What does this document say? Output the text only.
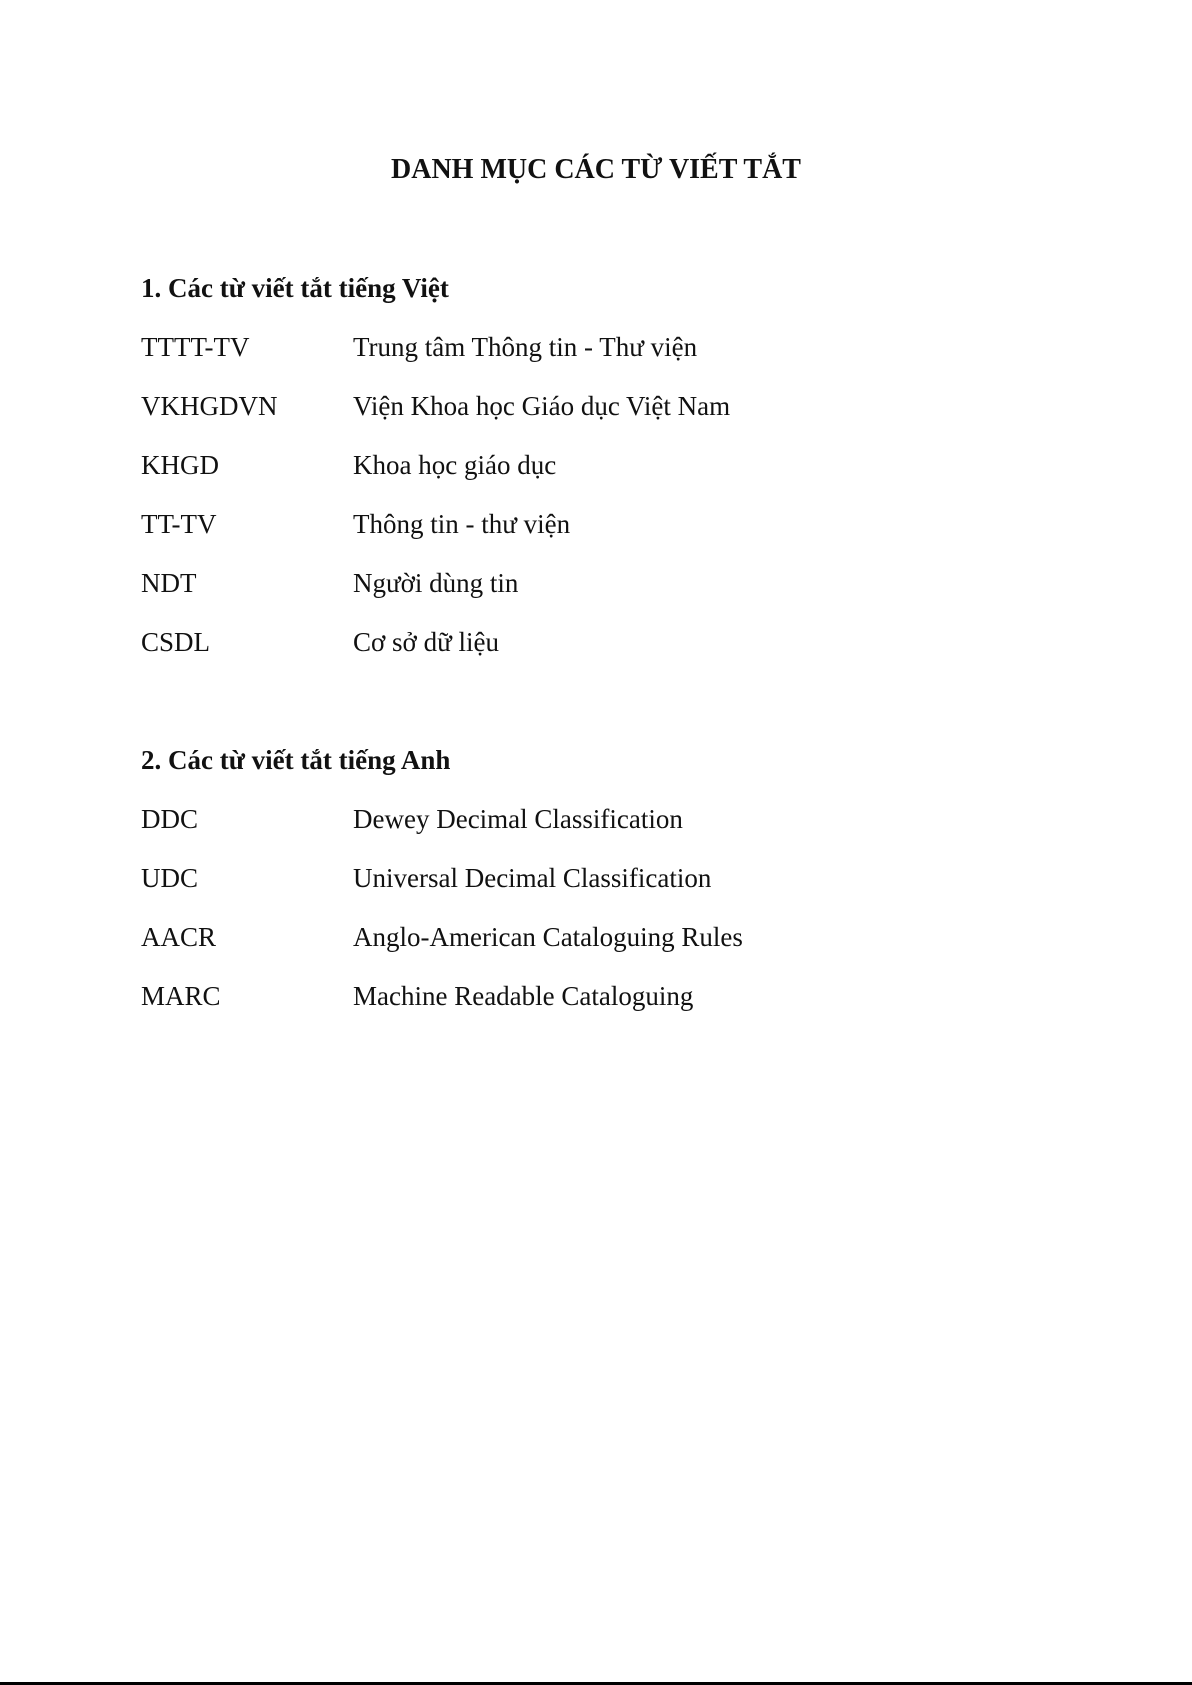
DANH MỤC CÁC TỪ VIẾT TẮT
1. Các từ viết tắt tiếng Việt
TTTT-TV	Trung tâm Thông tin - Thư viện
VKHGDVN	Viện Khoa học Giáo dục Việt Nam
KHGD	Khoa học giáo dục
TT-TV	Thông tin - thư viện
NDT	Người dùng tin
CSDL	Cơ sở dữ liệu
2. Các từ viết tắt tiếng Anh
DDC	Dewey Decimal Classification
UDC	Universal Decimal Classification
AACR	Anglo-American Cataloguing Rules
MARC	Machine Readable Cataloguing
